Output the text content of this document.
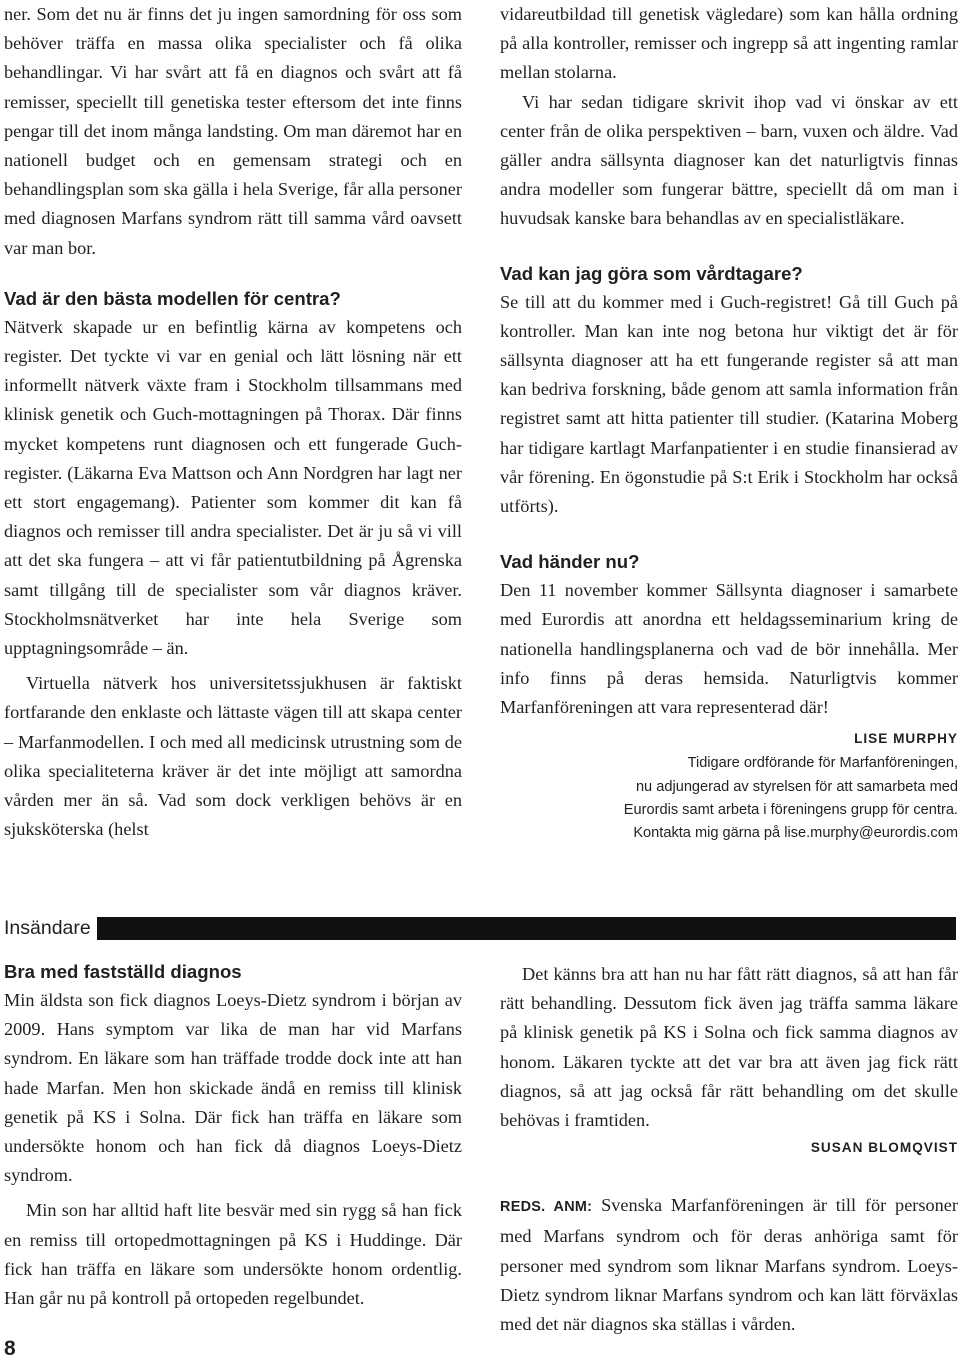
ner. Som det nu är finns det ju ingen samordning för oss som behöver träffa en massa olika specialister och få olika behandlingar. Vi har svårt att få en diagnos och svårt att få remisser, speciellt till genetiska tester eftersom det inte finns pengar till det inom många landsting. Om man däremot har en nationell budget och en gemensam strategi och en behandlingsplan som ska gälla i hela Sverige, får alla personer med diagnosen Marfans syndrom rätt till samma vård oavsett var man bor.

Vad är den bästa modellen för centra?

Nätverk skapade ur en befintlig kärna av kompetens och register. Det tyckte vi var en genial och lätt lösning när ett informellt nätverk växte fram i Stockholm tillsammans med klinisk genetik och Guch-mottagningen på Thorax. Där finns mycket kompetens runt diagnosen och ett fungerade Guch-register. (Läkarna Eva Mattson och Ann Nordgren har lagt ner ett stort engagemang). Patienter som kommer dit kan få diagnos och remisser till andra specialister. Det är ju så vi vill att det ska fungera – att vi får patientutbildning på Ågrenska samt tillgång till de specialister som vår diagnos kräver. Stockholmsnätverket har inte hela Sverige som upptagningsområde – än.

Virtuella nätverk hos universitetssjukhusen är faktiskt fortfarande den enklaste och lättaste vägen till att skapa center – Marfanmodellen. I och med all medicinsk utrustning som de olika specialiteterna kräver är det inte möjligt att samordna vården mer än så. Vad som dock verkligen behövs är en sjuksköterska (helst

vidareutbildad till genetisk vägledare) som kan hålla ordning på alla kontroller, remisser och ingrepp så att ingenting ramlar mellan stolarna.

Vi har sedan tidigare skrivit ihop vad vi önskar av ett center från de olika perspektiven – barn, vuxen och äldre. Vad gäller andra sällsynta diagnoser kan det naturligtvis finnas andra modeller som fungerar bättre, speciellt då om man i huvudsak kanske bara behandlas av en specialistläkare.

Vad kan jag göra som vårdtagare?

Se till att du kommer med i Guch-registret! Gå till Guch på kontroller. Man kan inte nog betona hur viktigt det är för sällsynta diagnoser att ha ett fungerande register så att man kan bedriva forskning, både genom att samla information från registret samt att hitta patienter till studier. (Katarina Moberg har tidigare kartlagt Marfanpatienter i en studie finansierad av vår förening. En ögonstudie på S:t Erik i Stockholm har också utförts).

Vad händer nu?

Den 11 november kommer Sällsynta diagnoser i samarbete med Eurordis att anordna ett heldagsseminarium kring de nationella handlingsplanerna och vad de bör innehålla. Mer info finns på deras hemsida. Naturligtvis kommer Marfanföreningen att vara representerad där!

LISE MURPHY
Tidigare ordförande för Marfanföreningen,
nu adjungerad av styrelsen för att samarbeta med
Eurordis samt arbeta i föreningens grupp för centra.
Kontakta mig gärna på lise.murphy@eurordis.com
Insändare
Bra med fastställd diagnos

Min äldsta son fick diagnos Loeys-Dietz syndrom i början av 2009. Hans symptom var lika de man har vid Marfans syndrom. En läkare som han träffade trodde dock inte att han hade Marfan. Men hon skickade ändå en remiss till klinisk genetik på KS i Solna. Där fick han träffa en läkare som undersökte honom och han fick då diagnos Loeys-Dietz syndrom.

Min son har alltid haft lite besvär med sin rygg så han fick en remiss till ortopedmottagningen på KS i Huddinge. Där fick han träffa en läkare som undersökte honom ordentlig. Han går nu på kontroll på ortopeden regelbundet.

Det känns bra att han nu har fått rätt diagnos, så att han får rätt behandling. Dessutom fick även jag träffa samma läkare på klinisk genetik på KS i Solna och fick samma diagnos av honom. Läkaren tyckte att det var bra att även jag fick rätt diagnos, så att jag också får rätt behandling om det skulle behövas i framtiden.

SUSAN BLOMQVIST

REDS. ANM: Svenska Marfanföreningen är till för personer med Marfans syndrom och för deras anhöriga samt för personer med syndrom som liknar Marfans syndrom. Loeys-Dietz syndrom liknar Marfans syndrom och kan lätt förväxlas med det när diagnos ska ställas i vården.

8
